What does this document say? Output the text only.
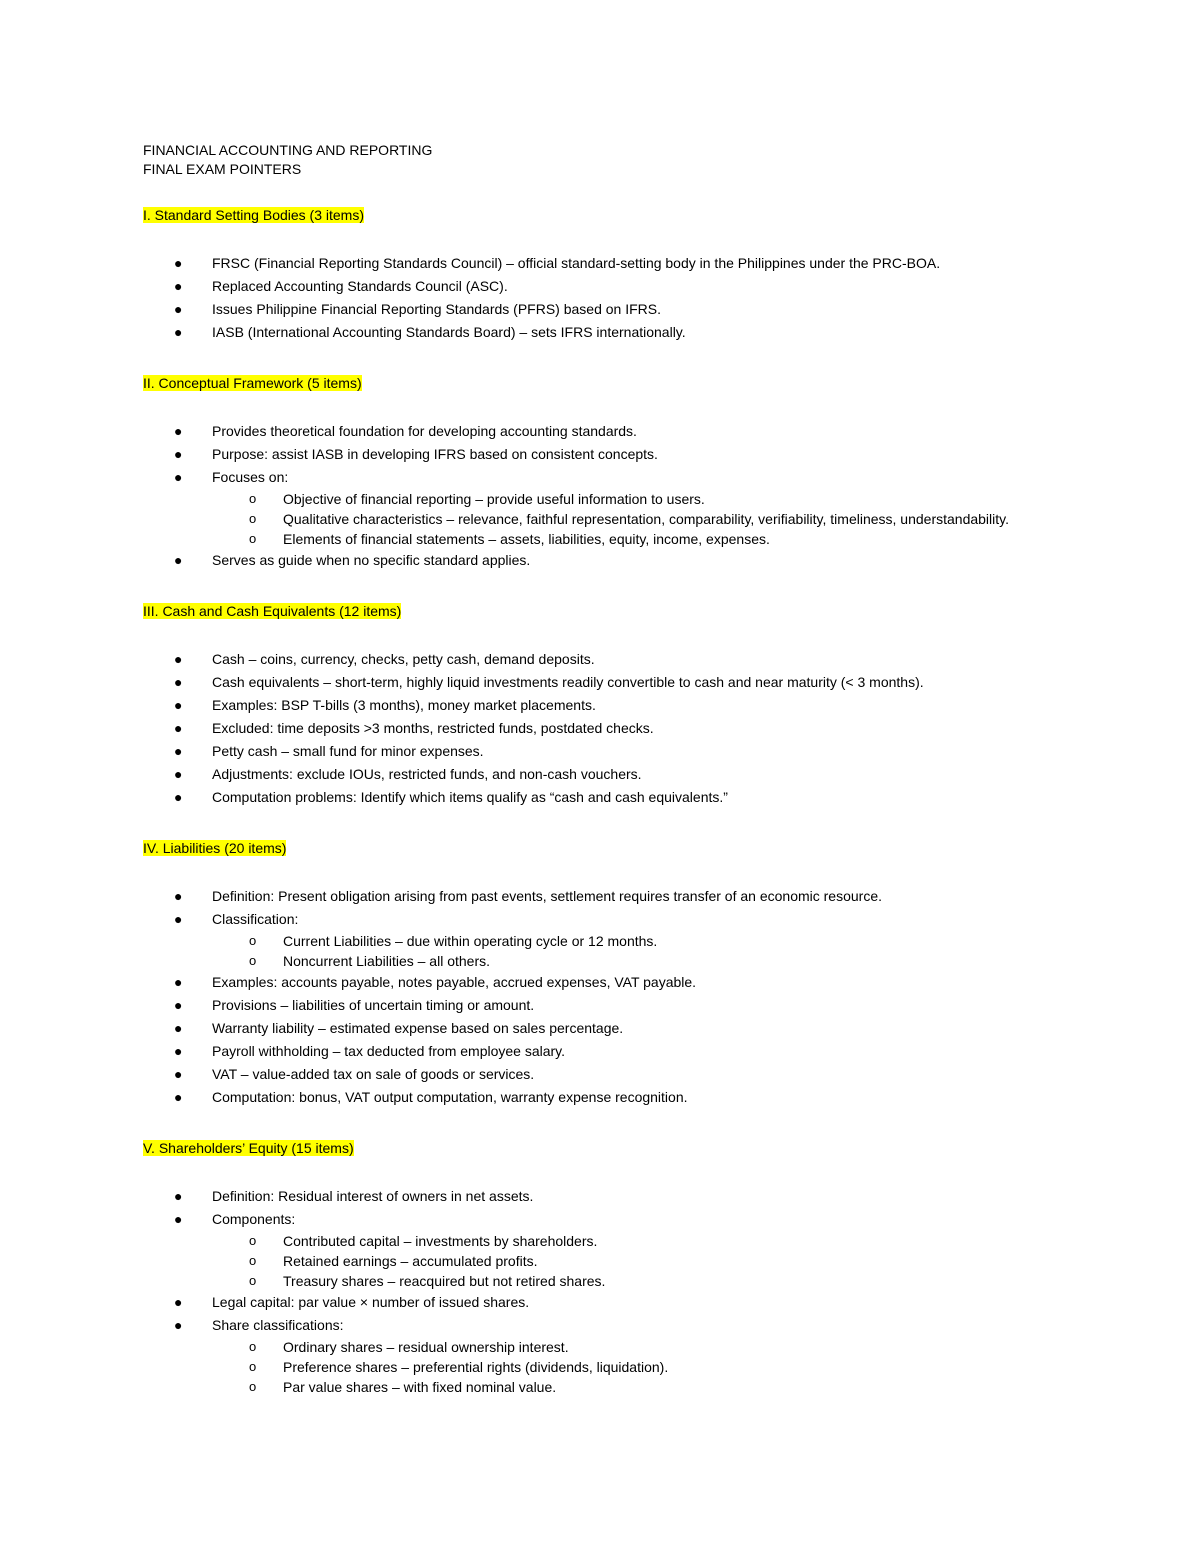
FINANCIAL ACCOUNTING AND REPORTING

FINAL EXAM POINTERS

I. Standard Setting Bodies (3 items)

● FRSC (Financial Reporting Standards Council) – official standard-setting body in the Philippines under the PRC-BOA.
● Replaced Accounting Standards Council (ASC).
● Issues Philippine Financial Reporting Standards (PFRS) based on IFRS.
● IASB (International Accounting Standards Board) – sets IFRS internationally.

II. Conceptual Framework (5 items)

● Provides theoretical foundation for developing accounting standards.
● Purpose: assist IASB in developing IFRS based on consistent concepts.
● Focuses on:
o	Objective of financial reporting – provide useful information to users.
o	Qualitative characteristics – relevance, faithful representation, comparability, verifiability, timeliness, understandability.
o	Elements of financial statements – assets, liabilities, equity, income, expenses.
● Serves as guide when no specific standard applies.

III. Cash and Cash Equivalents (12 items)

● Cash – coins, currency, checks, petty cash, demand deposits.
● Cash equivalents – short-term, highly liquid investments readily convertible to cash and near maturity (< 3 months).
● Examples: BSP T-bills (3 months), money market placements.
● Excluded: time deposits >3 months, restricted funds, postdated checks.
● Petty cash – small fund for minor expenses.
● Adjustments: exclude IOUs, restricted funds, and non-cash vouchers.
● Computation problems: Identify which items qualify as “cash and cash equivalents.”

IV. Liabilities (20 items)

● Definition: Present obligation arising from past events, settlement requires transfer of an economic resource.
● Classification:
o	Current Liabilities – due within operating cycle or 12 months.
o	Noncurrent Liabilities – all others.
● Examples: accounts payable, notes payable, accrued expenses, VAT payable.
● Provisions – liabilities of uncertain timing or amount.
● Warranty liability – estimated expense based on sales percentage.
● Payroll withholding – tax deducted from employee salary.
● VAT – value-added tax on sale of goods or services.
● Computation: bonus, VAT output computation, warranty expense recognition.

V. Shareholders’ Equity (15 items)

● Definition: Residual interest of owners in net assets.
● Components:
o	Contributed capital – investments by shareholders.
o	Retained earnings – accumulated profits.
o	Treasury shares – reacquired but not retired shares.
● Legal capital: par value × number of issued shares.
● Share classifications:
o	Ordinary shares – residual ownership interest.
o	Preference shares – preferential rights (dividends, liquidation).
o	Par value shares – with fixed nominal value.
